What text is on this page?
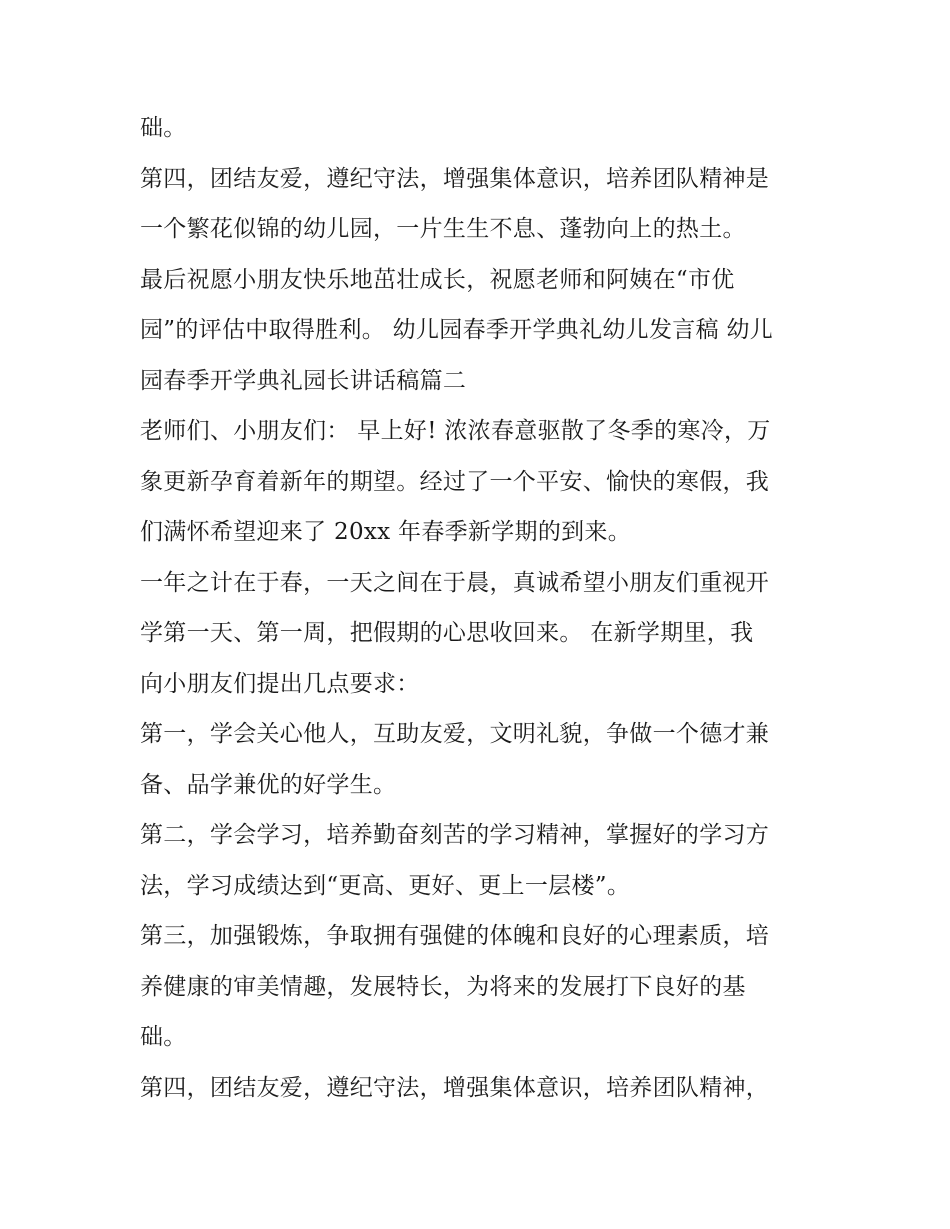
础。
第四，团结友爱，遵纪守法，增强集体意识，培养团队精神是
一个繁花似锦的幼儿园，一片生生不息、蓬勃向上的热土。
最后祝愿小朋友快乐地茁壮成长，祝愿老师和阿姨在“市优
园”的评估中取得胜利。 幼儿园春季开学典礼幼儿发言稿 幼儿
园春季开学典礼园长讲话稿篇二
老师们、小朋友们： 早上好! 浓浓春意驱散了冬季的寒冷，万
象更新孕育着新年的期望。经过了一个平安、愉快的寒假，我
们满怀希望迎来了 20xx 年春季新学期的到来。
一年之计在于春，一天之间在于晨，真诚希望小朋友们重视开
学第一天、第一周，把假期的心思收回来。 在新学期里，我
向小朋友们提出几点要求：
第一，学会关心他人，互助友爱，文明礼貌，争做一个德才兼
备、品学兼优的好学生。
第二，学会学习，培养勤奋刻苦的学习精神，掌握好的学习方
法，学习成绩达到“更高、更好、更上一层楼”。
第三，加强锻炼，争取拥有强健的体魄和良好的心理素质，培
养健康的审美情趣，发展特长，为将来的发展打下良好的基
础。
第四，团结友爱，遵纪守法，增强集体意识，培养团队精神，
